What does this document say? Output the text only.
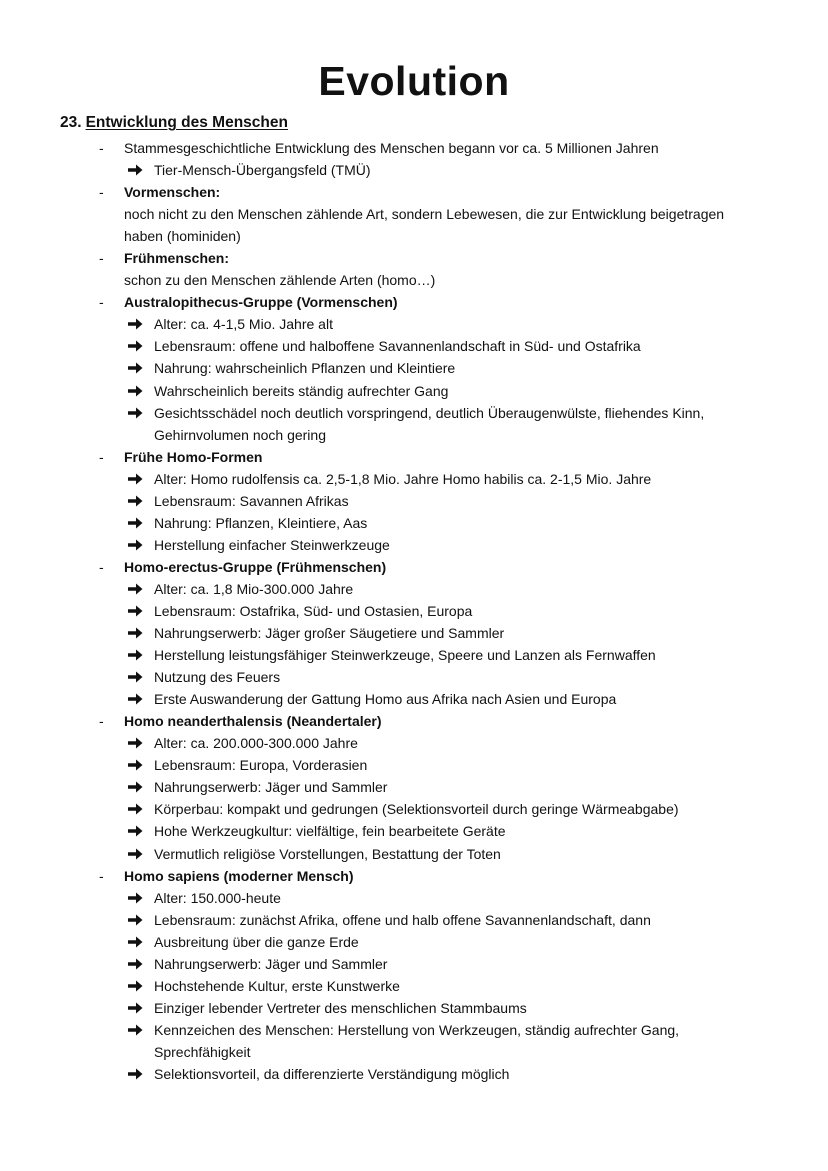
Evolution
23. Entwicklung des Menschen
- Stammesgeschichtliche Entwicklung des Menschen begann vor ca. 5 Millionen Jahren
Tier-Mensch-Übergangsfeld (TMÜ)
- Vormenschen:
noch nicht zu den Menschen zählende Art, sondern Lebewesen, die zur Entwicklung beigetragen
haben (hominiden)
- Frühmenschen:
schon zu den Menschen zählende Arten (homo…)
- Australopithecus-Gruppe (Vormenschen)
Alter: ca. 4-1,5 Mio. Jahre alt
Lebensraum: offene und halboffene Savannenlandschaft in Süd- und Ostafrika
Nahrung: wahrscheinlich Pflanzen und Kleintiere
Wahrscheinlich bereits ständig aufrechter Gang
Gesichtsschädel noch deutlich vorspringend, deutlich Überaugenwülste, fliehendes Kinn,
Gehirnvolumen noch gering
- Frühe Homo-Formen
Alter: Homo rudolfensis ca. 2,5-1,8 Mio. Jahre Homo habilis ca. 2-1,5 Mio. Jahre
Lebensraum: Savannen Afrikas
Nahrung: Pflanzen, Kleintiere, Aas
Herstellung einfacher Steinwerkzeuge
- Homo-erectus-Gruppe (Frühmenschen)
Alter: ca. 1,8 Mio-300.000 Jahre
Lebensraum: Ostafrika, Süd- und Ostasien, Europa
Nahrungserwerb: Jäger großer Säugetiere und Sammler
Herstellung leistungsfähiger Steinwerkzeuge, Speere und Lanzen als Fernwaffen
Nutzung des Feuers
Erste Auswanderung der Gattung Homo aus Afrika nach Asien und Europa
- Homo neanderthalensis (Neandertaler)
Alter: ca. 200.000-300.000 Jahre
Lebensraum: Europa, Vorderasien
Nahrungserwerb: Jäger und Sammler
Körperbau: kompakt und gedrungen (Selektionsvorteil durch geringe Wärmeabgabe)
Hohe Werkzeugkultur: vielfältige, fein bearbeitete Geräte
Vermutlich religiöse Vorstellungen, Bestattung der Toten
- Homo sapiens (moderner Mensch)
Alter: 150.000-heute
Lebensraum: zunächst Afrika, offene und halb offene Savannenlandschaft, dann
Ausbreitung über die ganze Erde
Nahrungserwerb: Jäger und Sammler
Hochstehende Kultur, erste Kunstwerke
Einziger lebender Vertreter des menschlichen Stammbaums
Kennzeichen des Menschen: Herstellung von Werkzeugen, ständig aufrechter Gang,
Sprechfähigkeit
Selektionsvorteil, da differenzierte Verständigung möglich
